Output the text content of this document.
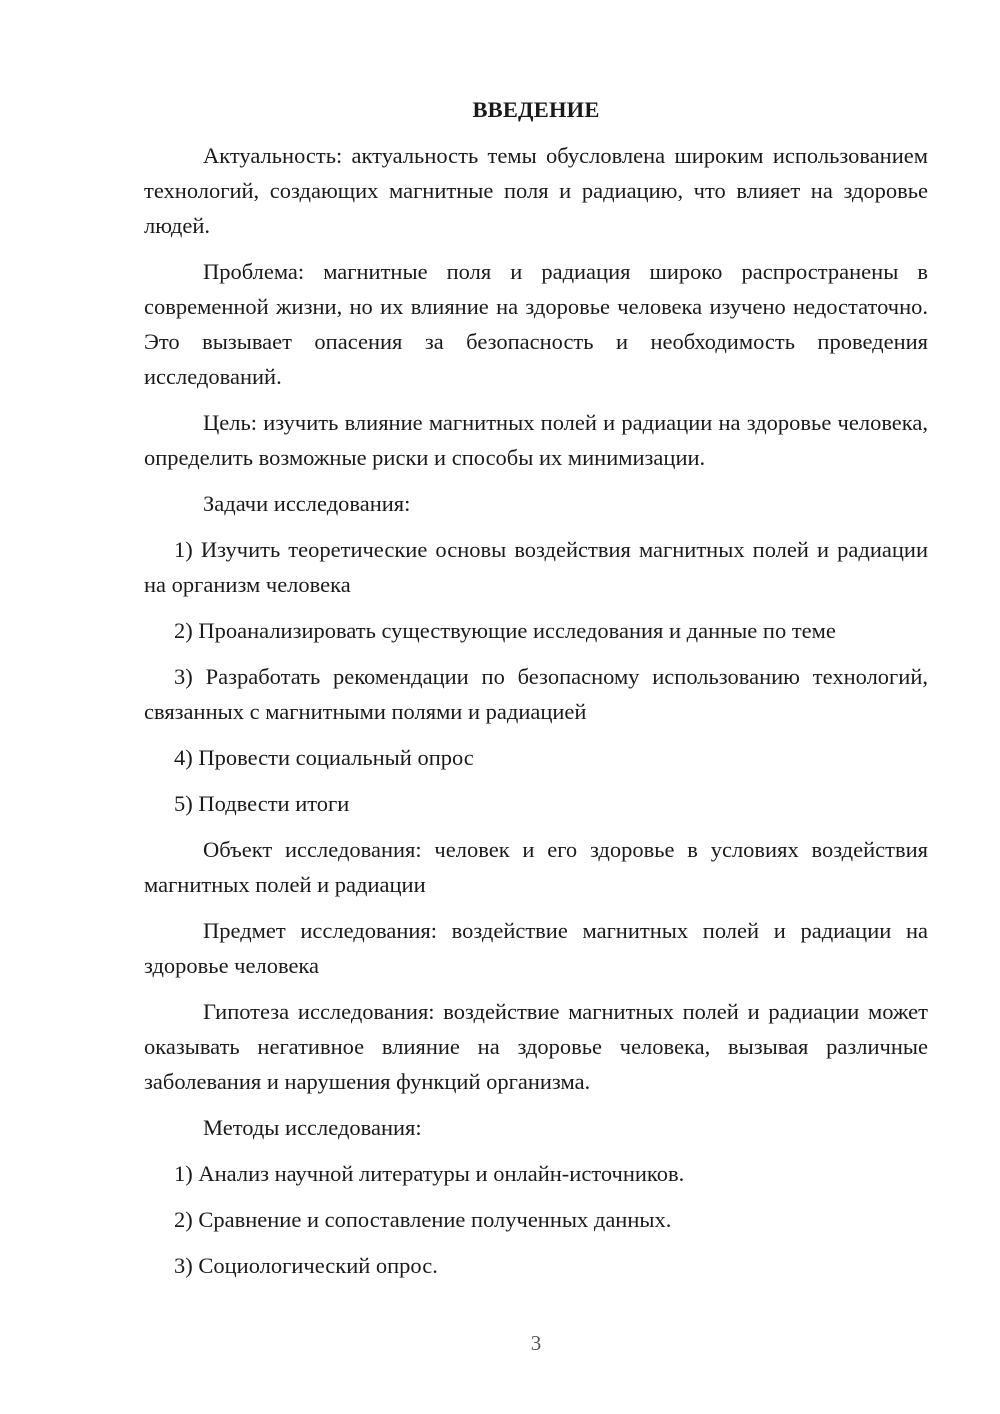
ВВЕДЕНИЕ

Актуальность: актуальность темы обусловлена широким использованием технологий, создающих магнитные поля и радиацию, что влияет на здоровье людей.

Проблема: магнитные поля и радиация широко распространены в современной жизни, но их влияние на здоровье человека изучено недостаточно. Это вызывает опасения за безопасность и необходимость проведения исследований.

Цель: изучить влияние магнитных полей и радиации на здоровье человека, определить возможные риски и способы их минимизации.

Задачи исследования:

1) Изучить теоретические основы воздействия магнитных полей и радиации на организм человека

2) Проанализировать существующие исследования и данные по теме

3) Разработать рекомендации по безопасному использованию технологий, связанных с магнитными полями и радиацией

4) Провести социальный опрос

5) Подвести итоги

Объект исследования: человек и его здоровье в условиях воздействия магнитных полей и радиации

Предмет исследования: воздействие магнитных полей и радиации на здоровье человека

Гипотеза исследования: воздействие магнитных полей и радиации может оказывать негативное влияние на здоровье человека, вызывая различные заболевания и нарушения функций организма.

Методы исследования:

1) Анализ научной литературы и онлайн-источников.

2) Сравнение и сопоставление полученных данных.

3) Социологический опрос.

3
